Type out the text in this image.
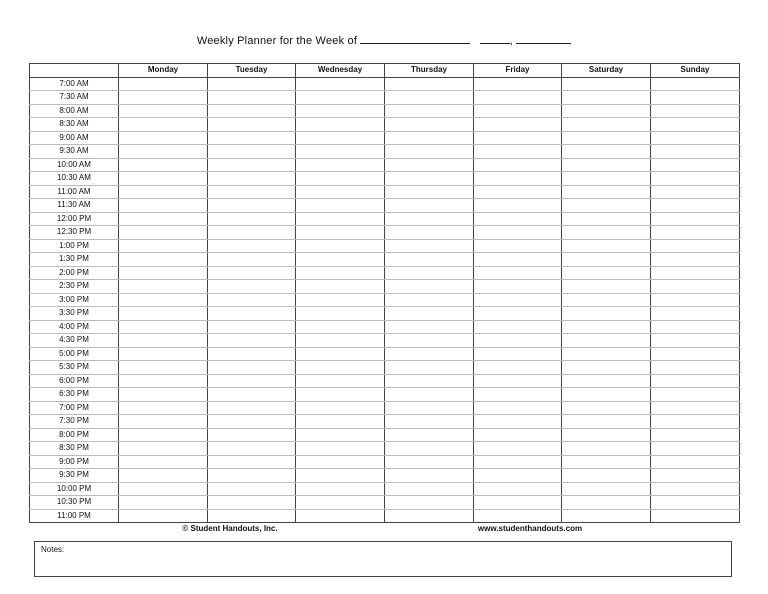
Weekly Planner for the Week of	,
	Monday	Tuesday	Wednesday	Thursday	Friday	Saturday	Sunday
7:00 AM							
7:30 AM							
8:00 AM							
8:30 AM							
9:00 AM							
9:30 AM							
10:00 AM							
10:30 AM							
11:00 AM							
11:30 AM							
12:00 PM							
12:30 PM							
1:00 PM							
1:30 PM							
2:00 PM							
2:30 PM							
3:00 PM							
3:30 PM							
4:00 PM							
4:30 PM							
5:00 PM							
5:30 PM							
6:00 PM							
6:30 PM							
7:00 PM							
7:30 PM							
8:00 PM							
8:30 PM							
9:00 PM							
9:30 PM							
10:00 PM							
10:30 PM							
11:00 PM							
© Student Handouts, Inc.	www.studenthandouts.com
Notes:
